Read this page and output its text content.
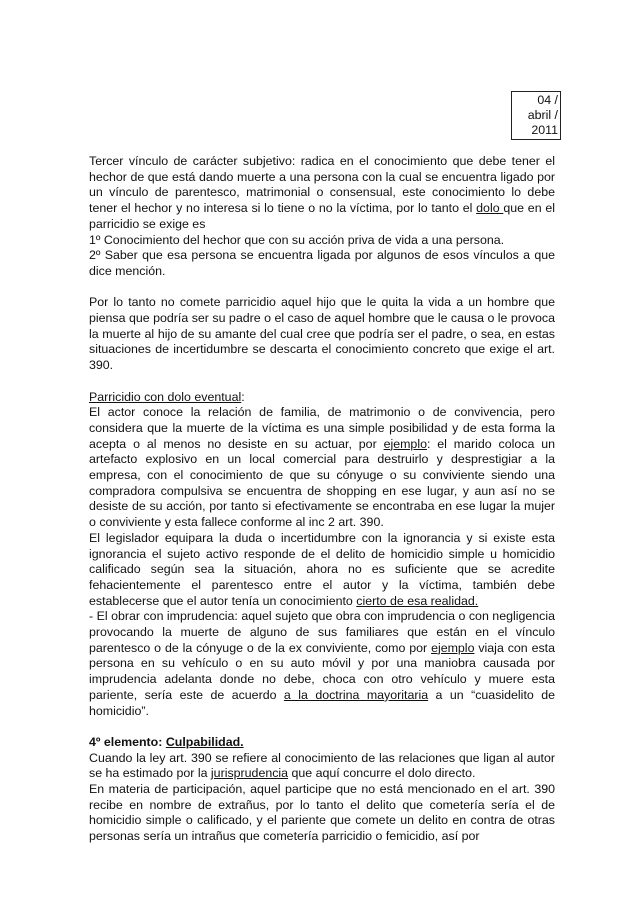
04 /
abril /
2011

Tercer vínculo de carácter subjetivo: radica en el conocimiento que debe tener el hechor de que está dando muerte a una persona con la cual se encuentra ligado por un vínculo de parentesco, matrimonial o consensual, este conocimiento lo debe tener el hechor y no interesa si lo tiene o no la víctima, por lo tanto el dolo que en el parricidio se exige es

1º Conocimiento del hechor que con su acción priva de vida a una persona.

2º Saber que esa persona se encuentra ligada por algunos de esos vínculos a que dice mención.

Por lo tanto no comete parricidio aquel hijo que le quita la vida a un hombre que piensa que podría ser su padre o el caso de aquel hombre que le causa o le provoca la muerte al hijo de su amante del cual cree que podría ser el padre, o sea, en estas situaciones de incertidumbre se descarta el conocimiento concreto que exige el art. 390.

Parricidio con dolo eventual:

El actor conoce la relación de familia, de matrimonio o de convivencia, pero considera que la muerte de la víctima es una simple posibilidad y de esta forma la acepta o al menos no desiste en su actuar, por ejemplo: el marido coloca un artefacto explosivo en un local comercial para destruirlo y desprestigiar a la empresa, con el conocimiento de que su cónyuge o su conviviente siendo una compradora compulsiva se encuentra de shopping en ese lugar, y aun así no se desiste de su acción, por tanto si efectivamente se encontraba en ese lugar la mujer o conviviente y esta fallece conforme al inc 2 art. 390.

El legislador equipara la duda o incertidumbre con la ignorancia y si existe esta ignorancia el sujeto activo responde de el delito de homicidio simple u homicidio calificado según sea la situación, ahora no es suficiente que se acredite fehacientemente el parentesco entre el autor y la víctima, también debe establecerse que el autor tenía un conocimiento cierto de esa realidad.

- El obrar con imprudencia: aquel sujeto que obra con imprudencia o con negligencia provocando la muerte de alguno de sus familiares que están en el vínculo parentesco o de la cónyuge o de la ex conviviente, como por ejemplo viaja con esta persona en su vehículo o en su auto móvil y por una maniobra causada por imprudencia adelanta donde no debe, choca con otro vehículo y muere esta pariente, sería este de acuerdo a la doctrina mayoritaria a un “cuasidelito de homicidio”.

4º elemento: Culpabilidad.

Cuando la ley art. 390 se refiere al conocimiento de las relaciones que ligan al autor se ha estimado por la jurisprudencia que aquí concurre el dolo directo.

En materia de participación, aquel participe que no está mencionado en el art. 390 recibe en nombre de extrañus, por lo tanto el delito que cometería sería el de homicidio simple o calificado, y el pariente que comete un delito en contra de otras personas sería un intrañus que cometería parricidio o femicidio, así por
